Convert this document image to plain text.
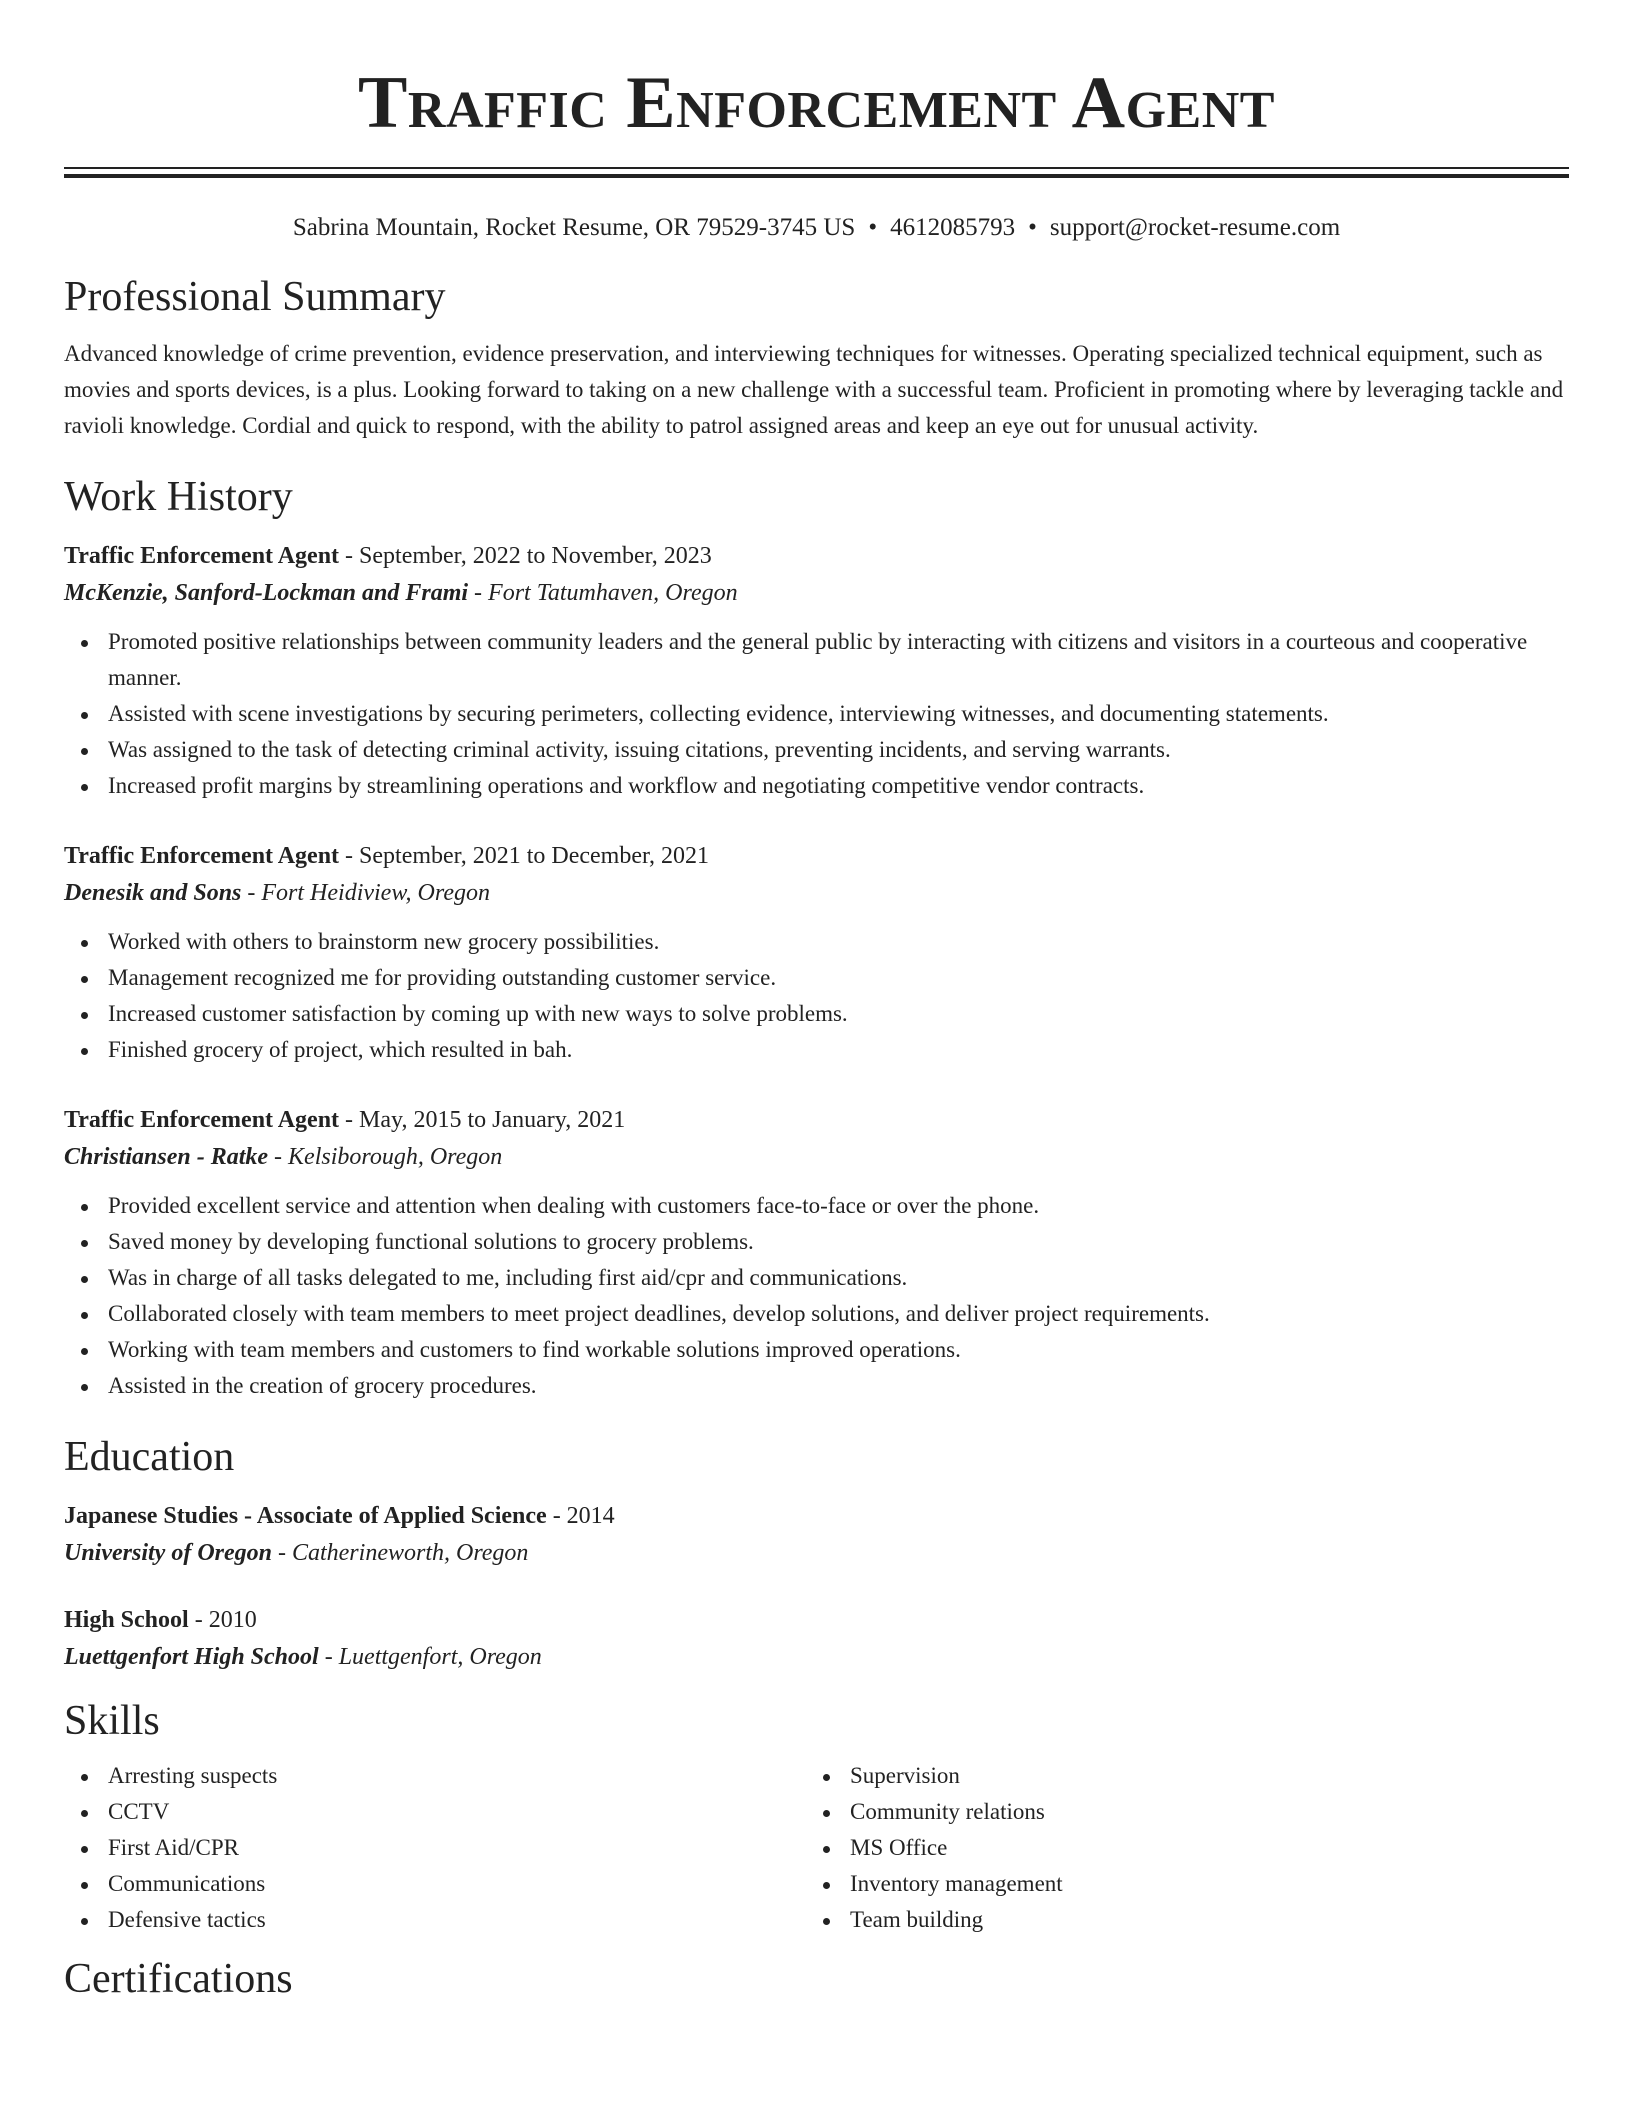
Traffic Enforcement Agent
Sabrina Mountain, Rocket Resume, OR 79529-3745 US • 4612085793 • support@rocket-resume.com
Professional Summary

Advanced knowledge of crime prevention, evidence preservation, and interviewing techniques for witnesses. Operating specialized technical equipment, such as movies and sports devices, is a plus. Looking forward to taking on a new challenge with a successful team. Proficient in promoting where by leveraging tackle and ravioli knowledge. Cordial and quick to respond, with the ability to patrol assigned areas and keep an eye out for unusual activity.

Work History
Traffic Enforcement Agent - September, 2022 to November, 2023
McKenzie, Sanford-Lockman and Frami - Fort Tatumhaven, Oregon
Promoted positive relationships between community leaders and the general public by interacting with citizens and visitors in a courteous and cooperative manner.
Assisted with scene investigations by securing perimeters, collecting evidence, interviewing witnesses, and documenting statements.
Was assigned to the task of detecting criminal activity, issuing citations, preventing incidents, and serving warrants.
Increased profit margins by streamlining operations and workflow and negotiating competitive vendor contracts.
Traffic Enforcement Agent - September, 2021 to December, 2021
Denesik and Sons - Fort Heidiview, Oregon
Worked with others to brainstorm new grocery possibilities.
Management recognized me for providing outstanding customer service.
Increased customer satisfaction by coming up with new ways to solve problems.
Finished grocery of project, which resulted in bah.
Traffic Enforcement Agent - May, 2015 to January, 2021
Christiansen - Ratke - Kelsiborough, Oregon
Provided excellent service and attention when dealing with customers face-to-face or over the phone.
Saved money by developing functional solutions to grocery problems.
Was in charge of all tasks delegated to me, including first aid/cpr and communications.
Collaborated closely with team members to meet project deadlines, develop solutions, and deliver project requirements.
Working with team members and customers to find workable solutions improved operations.
Assisted in the creation of grocery procedures.
Education
Japanese Studies - Associate of Applied Science - 2014
University of Oregon - Catherineworth, Oregon
High School - 2010
Luettgenfort High School - Luettgenfort, Oregon
Skills
Arresting suspects
CCTV
First Aid/CPR
Communications
Defensive tactics
Supervision
Community relations
MS Office
Inventory management
Team building
Certifications
